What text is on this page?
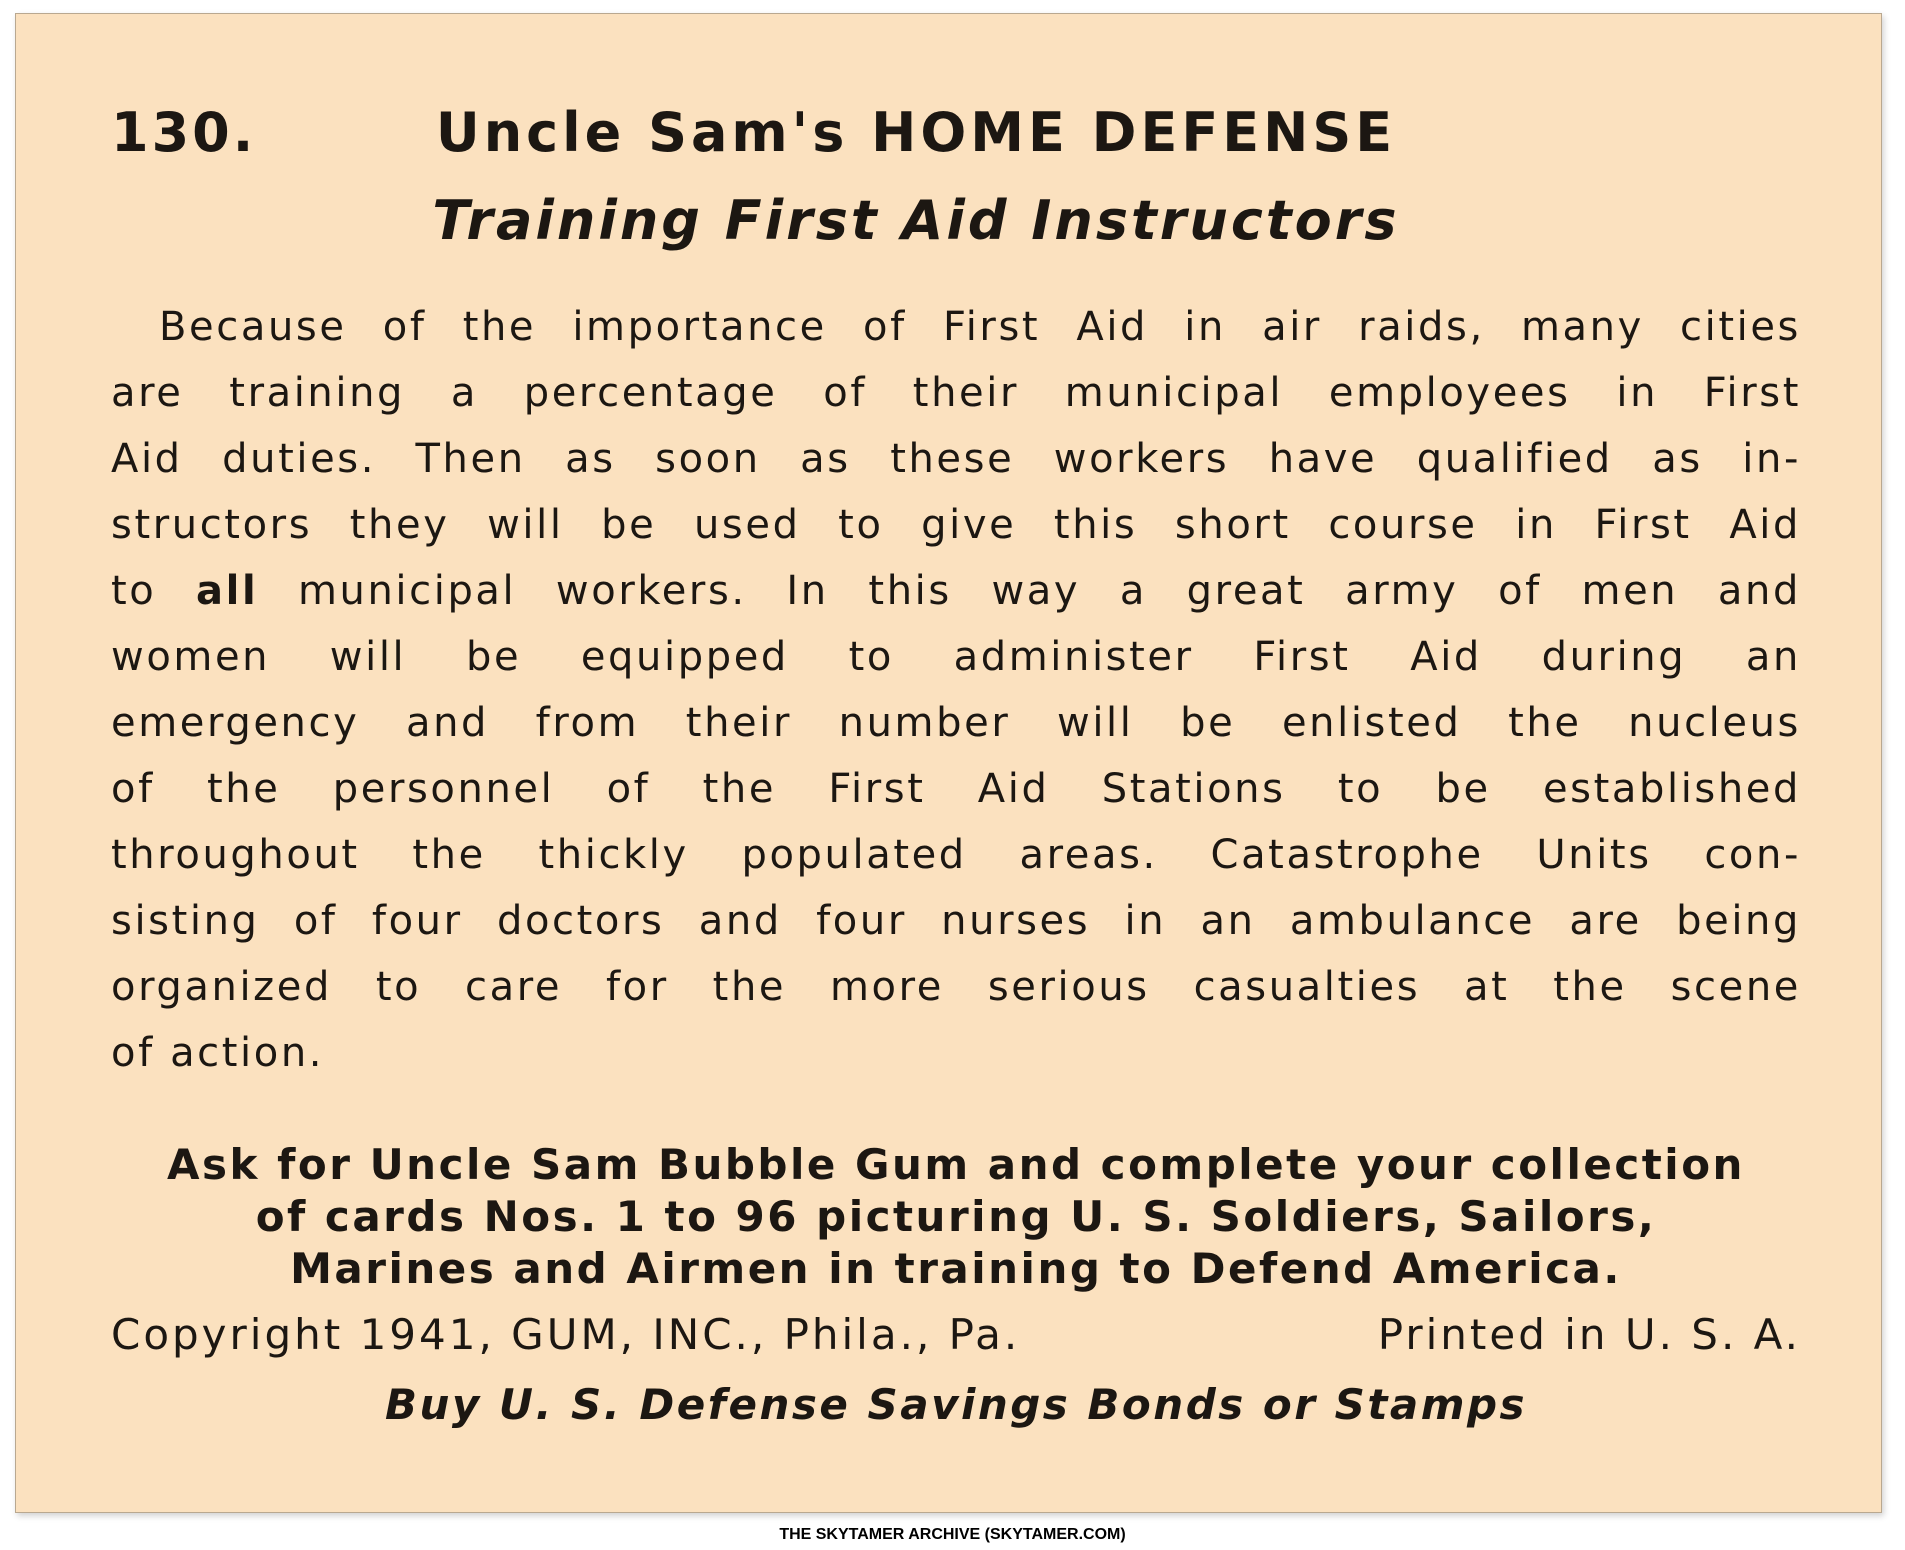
130.	Uncle Sam's HOME DEFENSE
Training First Aid Instructors
Because of the importance of First Aid in air raids, many cities
are training a percentage of their municipal employees in First
Aid duties. Then as soon as these workers have qualified as in-
structors they will be used to give this short course in First Aid
to all municipal workers. In this way a great army of men and
women will be equipped to administer First Aid during an
emergency and from their number will be enlisted the nucleus
of the personnel of the First Aid Stations to be established
throughout the thickly populated areas. Catastrophe Units con-
sisting of four doctors and four nurses in an ambulance are being
organized to care for the more serious casualties at the scene
of action.
Ask for Uncle Sam Bubble Gum and complete your collection
of cards Nos. 1 to 96 picturing U. S. Soldiers, Sailors,
Marines and Airmen in training to Defend America.
Copyright 1941, GUM, INC., Phila., Pa.	Printed in U. S. A.
Buy U. S. Defense Savings Bonds or Stamps
THE SKYTAMER ARCHIVE (SKYTAMER.COM)
